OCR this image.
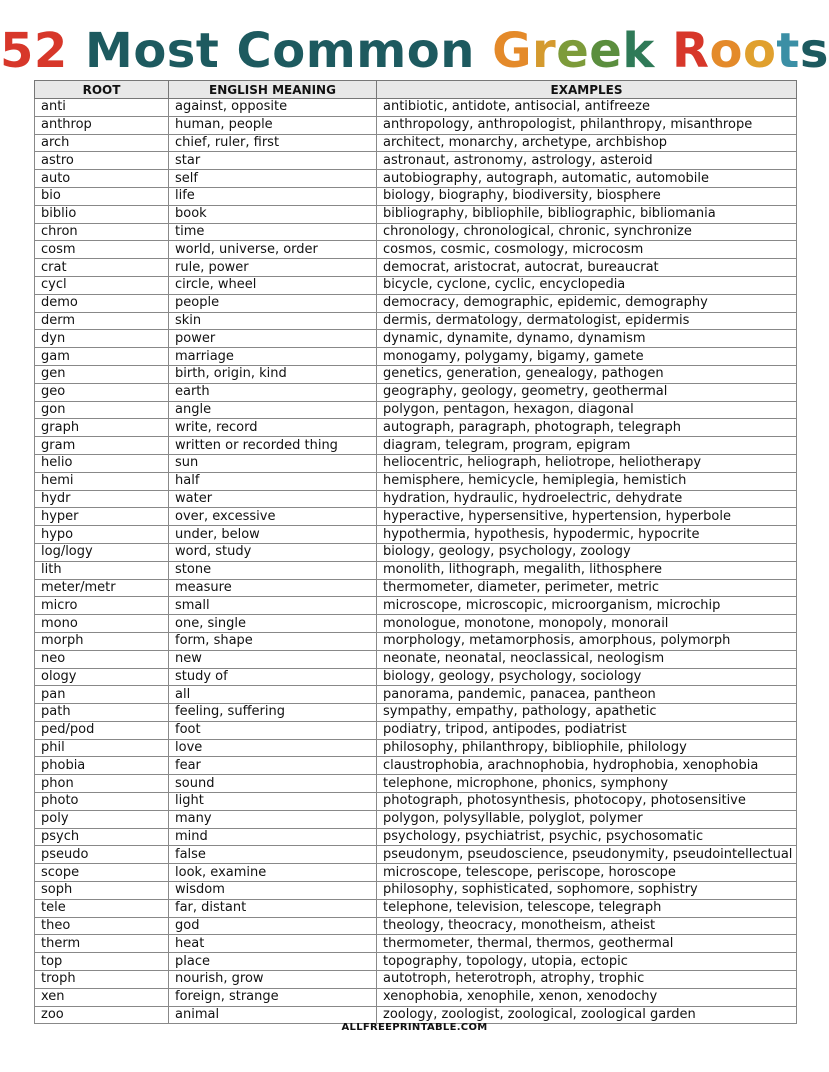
52 Most Common Greek Roots
ROOT	ENGLISH MEANING	EXAMPLES
anti	against, opposite	antibiotic, antidote, antisocial, antifreeze
anthrop	human, people	anthropology, anthropologist, philanthropy, misanthrope
arch	chief, ruler, first	architect, monarchy, archetype, archbishop
astro	star	astronaut, astronomy, astrology, asteroid
auto	self	autobiography, autograph, automatic, automobile
bio	life	biology, biography, biodiversity, biosphere
biblio	book	bibliography, bibliophile, bibliographic, bibliomania
chron	time	chronology, chronological, chronic, synchronize
cosm	world, universe, order	cosmos, cosmic, cosmology, microcosm
crat	rule, power	democrat, aristocrat, autocrat, bureaucrat
cycl	circle, wheel	bicycle, cyclone, cyclic, encyclopedia
demo	people	democracy, demographic, epidemic, demography
derm	skin	dermis, dermatology, dermatologist, epidermis
dyn	power	dynamic, dynamite, dynamo, dynamism
gam	marriage	monogamy, polygamy, bigamy, gamete
gen	birth, origin, kind	genetics, generation, genealogy, pathogen
geo	earth	geography, geology, geometry, geothermal
gon	angle	polygon, pentagon, hexagon, diagonal
graph	write, record	autograph, paragraph, photograph, telegraph
gram	written or recorded thing	diagram, telegram, program, epigram
helio	sun	heliocentric, heliograph, heliotrope, heliotherapy
hemi	half	hemisphere, hemicycle, hemiplegia, hemistich
hydr	water	hydration, hydraulic, hydroelectric, dehydrate
hyper	over, excessive	hyperactive, hypersensitive, hypertension, hyperbole
hypo	under, below	hypothermia, hypothesis, hypodermic, hypocrite
log/logy	word, study	biology, geology, psychology, zoology
lith	stone	monolith, lithograph, megalith, lithosphere
meter/metr	measure	thermometer, diameter, perimeter, metric
micro	small	microscope, microscopic, microorganism, microchip
mono	one, single	monologue, monotone, monopoly, monorail
morph	form, shape	morphology, metamorphosis, amorphous, polymorph
neo	new	neonate, neonatal, neoclassical, neologism
ology	study of	biology, geology, psychology, sociology
pan	all	panorama, pandemic, panacea, pantheon
path	feeling, suffering	sympathy, empathy, pathology, apathetic
ped/pod	foot	podiatry, tripod, antipodes, podiatrist
phil	love	philosophy, philanthropy, bibliophile, philology
phobia	fear	claustrophobia, arachnophobia, hydrophobia, xenophobia
phon	sound	telephone, microphone, phonics, symphony
photo	light	photograph, photosynthesis, photocopy, photosensitive
poly	many	polygon, polysyllable, polyglot, polymer
psych	mind	psychology, psychiatrist, psychic, psychosomatic
pseudo	false	pseudonym, pseudoscience, pseudonymity, pseudointellectual
scope	look, examine	microscope, telescope, periscope, horoscope
soph	wisdom	philosophy, sophisticated, sophomore, sophistry
tele	far, distant	telephone, television, telescope, telegraph
theo	god	theology, theocracy, monotheism, atheist
therm	heat	thermometer, thermal, thermos, geothermal
top	place	topography, topology, utopia, ectopic
troph	nourish, grow	autotroph, heterotroph, atrophy, trophic
xen	foreign, strange	xenophobia, xenophile, xenon, xenodochy
zoo	animal	zoology, zoologist, zoological, zoological garden
ALLFREEPRINTABLE.COM
